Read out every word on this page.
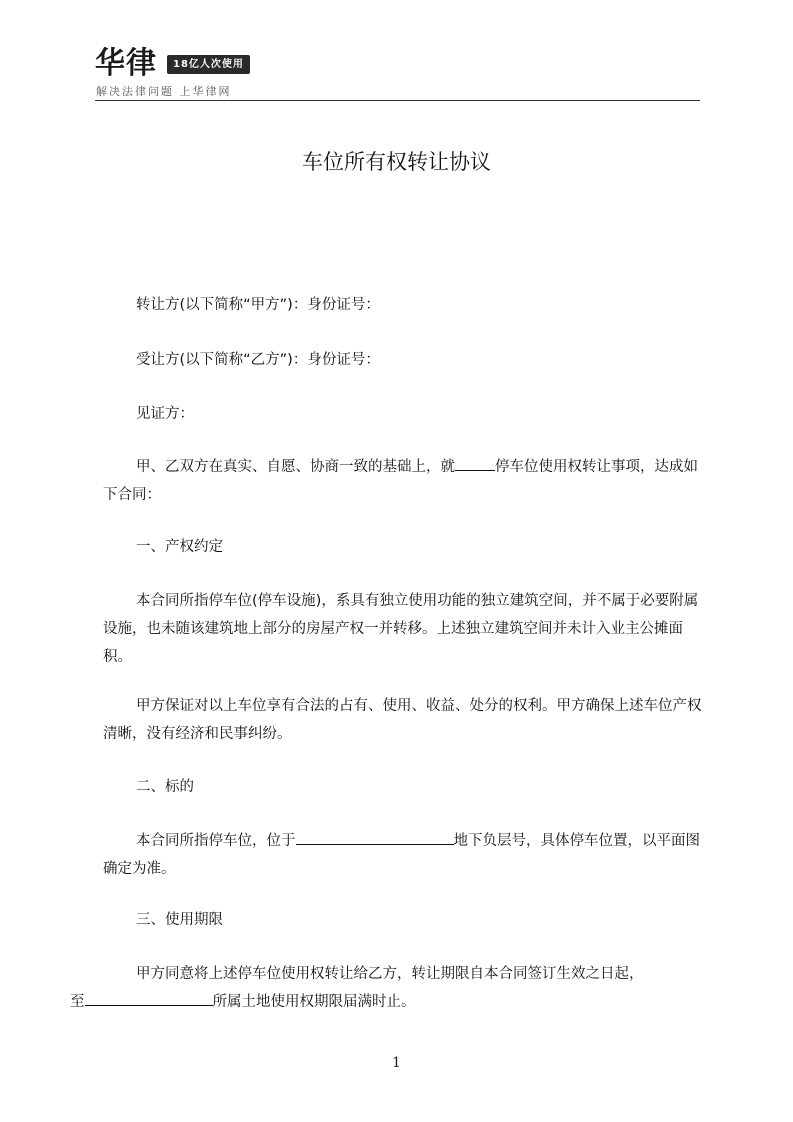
华律	18亿人次使用
解决法律问题 上华律网
车位所有权转让协议
转让方(以下简称“甲方”)：身份证号：
受让方(以下简称“乙方”)：身份证号：
见证方：
甲、乙双方在真实、自愿、协商一致的基础上，就	停车位使用权转让事项，达成如下合同：
一、产权约定
本合同所指停车位(停车设施)，系具有独立使用功能的独立建筑空间，并不属于必要附属设施，也未随该建筑地上部分的房屋产权一并转移。上述独立建筑空间并未计入业主公摊面积。
甲方保证对以上车位享有合法的占有、使用、收益、处分的权利。甲方确保上述车位产权清晰，没有经济和民事纠纷。
二、标的
本合同所指停车位，位于	地下负层号，具体停车位置，以平面图确定为准。
三、使用期限
甲方同意将上述停车位使用权转让给乙方，转让期限自本合同签订生效之日起，
至	所属土地使用权期限届满时止。
1
